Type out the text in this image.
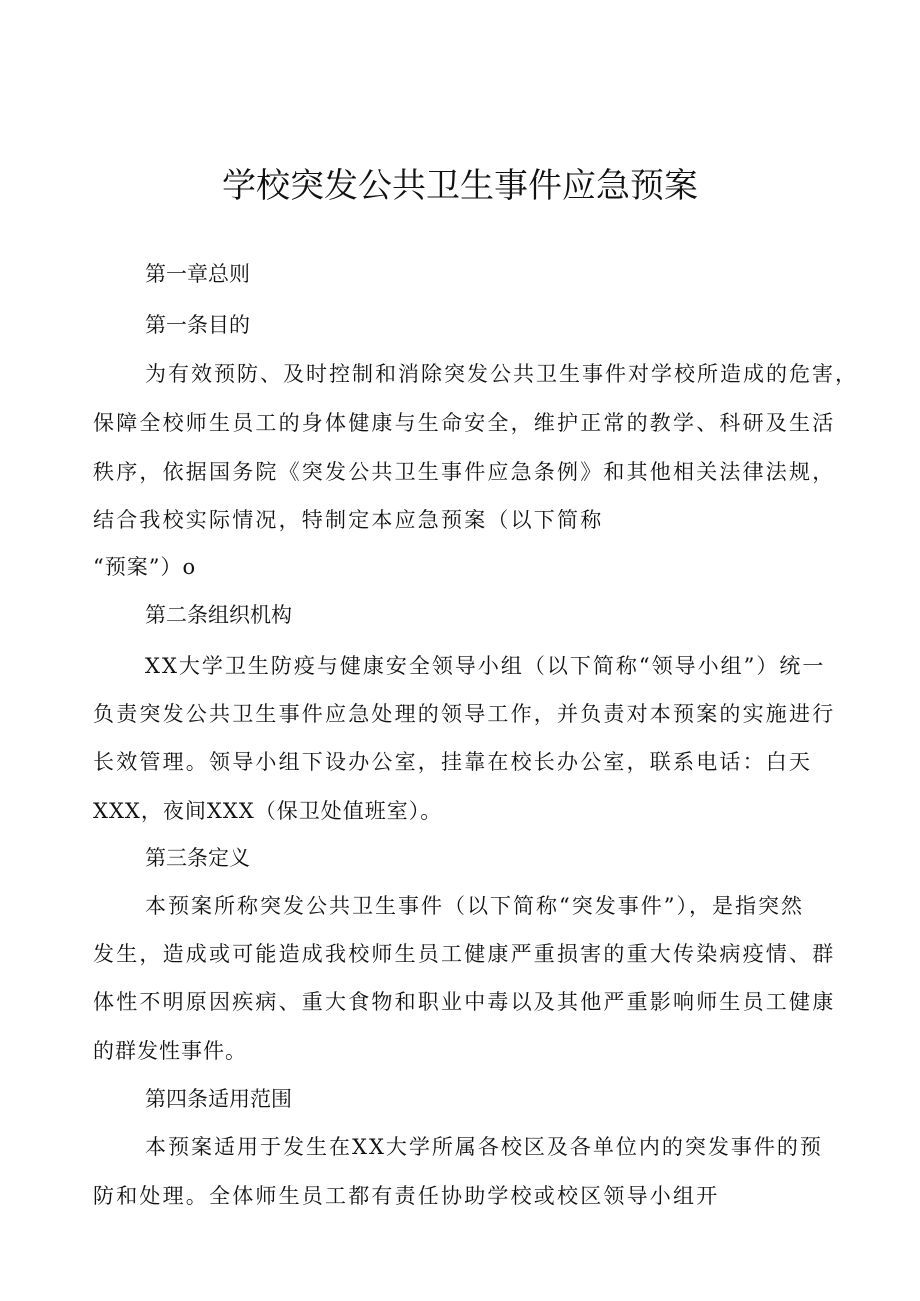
学校突发公共卫生事件应急预案
第一章总则
第一条目的
为有效预防、及时控制和消除突发公共卫生事件对学校所造成的危害，
保障全校师生员工的身体健康与生命安全，维护正常的教学、科研及生活
秩序，依据国务院《突发公共卫生事件应急条例》和其他相关法律法规，
结合我校实际情况，特制定本应急预案（以下简称
“预案”）o
第二条组织机构
XX大学卫生防疫与健康安全领导小组（以下简称“领导小组”）统一
负责突发公共卫生事件应急处理的领导工作，并负责对本预案的实施进行
长效管理。领导小组下设办公室，挂靠在校长办公室，联系电话：白天
XXX，夜间XXX（保卫处值班室）。
第三条定义
本预案所称突发公共卫生事件（以下简称“突发事件”），是指突然
发生，造成或可能造成我校师生员工健康严重损害的重大传染病疫情、群
体性不明原因疾病、重大食物和职业中毒以及其他严重影响师生员工健康
的群发性事件。
第四条适用范围
本预案适用于发生在XX大学所属各校区及各单位内的突发事件的预
防和处理。全体师生员工都有责任协助学校或校区领导小组开
